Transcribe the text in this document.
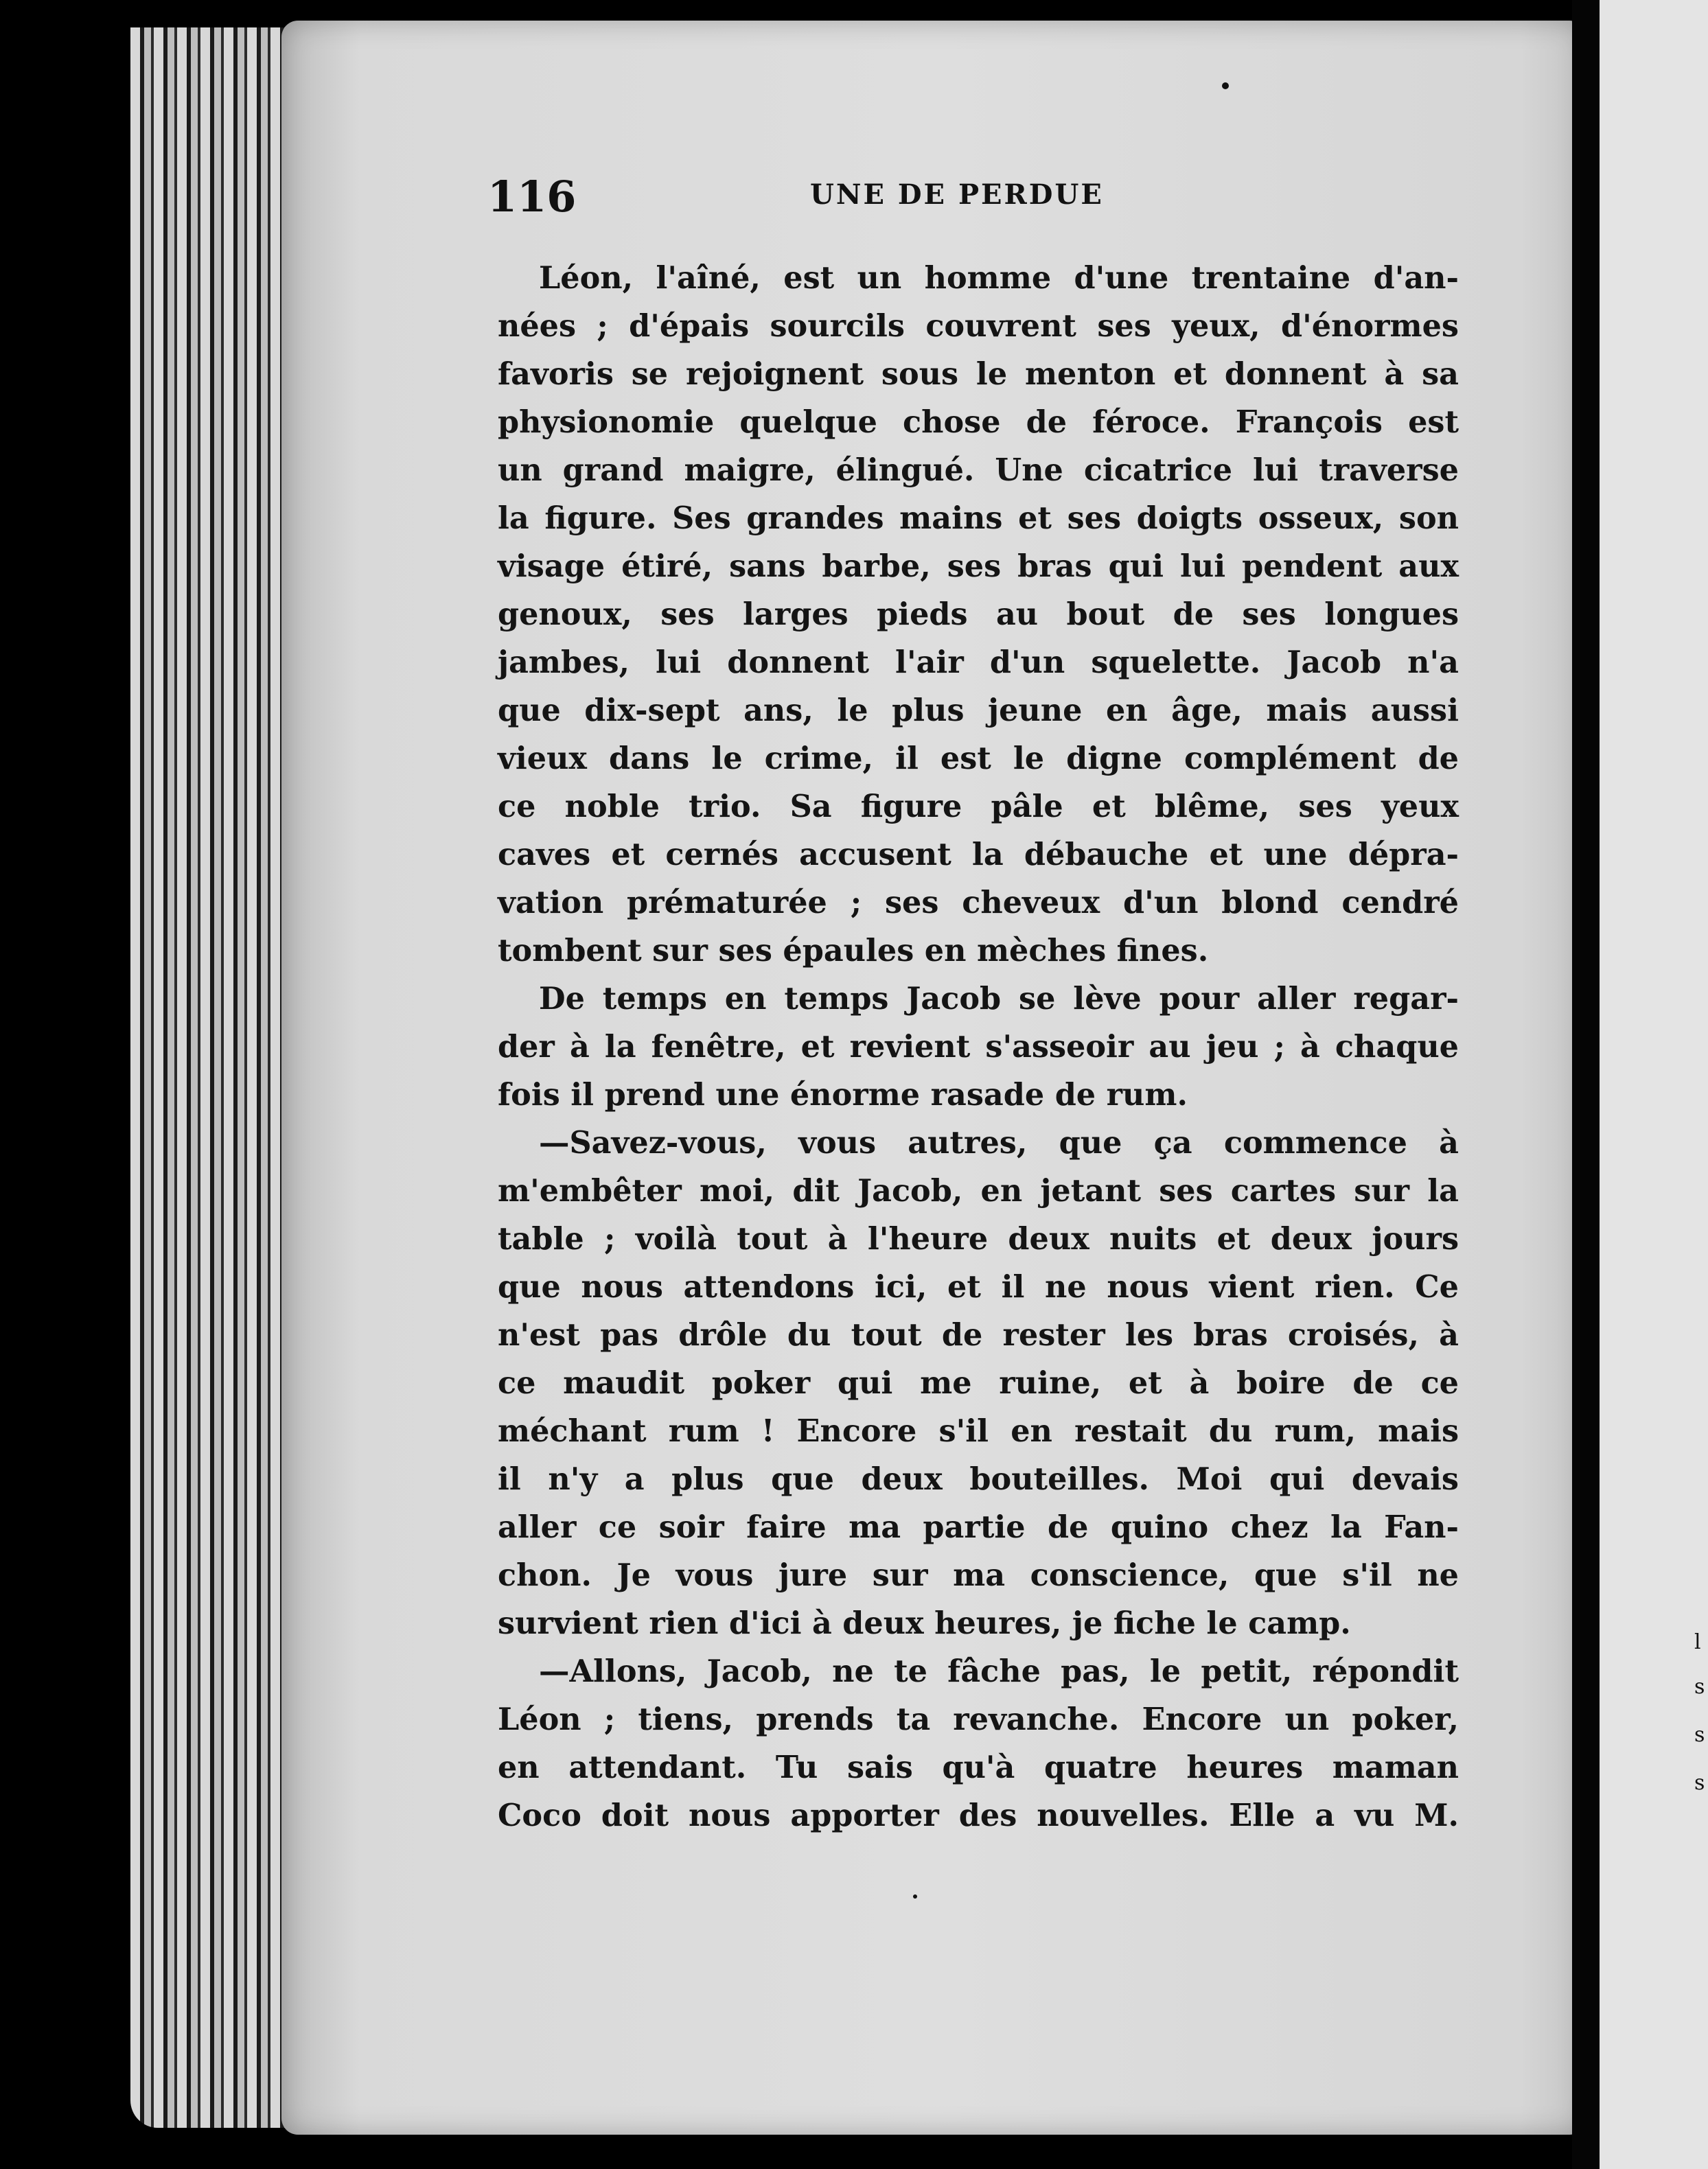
l
s
s
s
116	UNE DE PERDUE
Léon, l'aîné, est un homme d'une trentaine d'an-
nées ; d'épais sourcils couvrent ses yeux, d'énormes
favoris se rejoignent sous le menton et donnent à sa
physionomie quelque chose de féroce. François est
un grand maigre, élingué. Une cicatrice lui traverse
la figure. Ses grandes mains et ses doigts osseux, son
visage étiré, sans barbe, ses bras qui lui pendent aux
genoux, ses larges pieds au bout de ses longues
jambes, lui donnent l'air d'un squelette. Jacob n'a
que dix-sept ans, le plus jeune en âge, mais aussi
vieux dans le crime, il est le digne complément de
ce noble trio. Sa figure pâle et blême, ses yeux
caves et cernés accusent la débauche et une dépra-
vation prématurée ; ses cheveux d'un blond cendré
tombent sur ses épaules en mèches fines.
De temps en temps Jacob se lève pour aller regar-
der à la fenêtre, et revient s'asseoir au jeu ; à chaque
fois il prend une énorme rasade de rum.
—Savez-vous, vous autres, que ça commence à
m'embêter moi, dit Jacob, en jetant ses cartes sur la
table ; voilà tout à l'heure deux nuits et deux jours
que nous attendons ici, et il ne nous vient rien. Ce
n'est pas drôle du tout de rester les bras croisés, à
ce maudit poker qui me ruine, et à boire de ce
méchant rum ! Encore s'il en restait du rum, mais
il n'y a plus que deux bouteilles. Moi qui devais
aller ce soir faire ma partie de quino chez la Fan-
chon. Je vous jure sur ma conscience, que s'il ne
survient rien d'ici à deux heures, je fiche le camp.
—Allons, Jacob, ne te fâche pas, le petit, répondit
Léon ; tiens, prends ta revanche. Encore un poker,
en attendant. Tu sais qu'à quatre heures maman
Coco doit nous apporter des nouvelles. Elle a vu M.
